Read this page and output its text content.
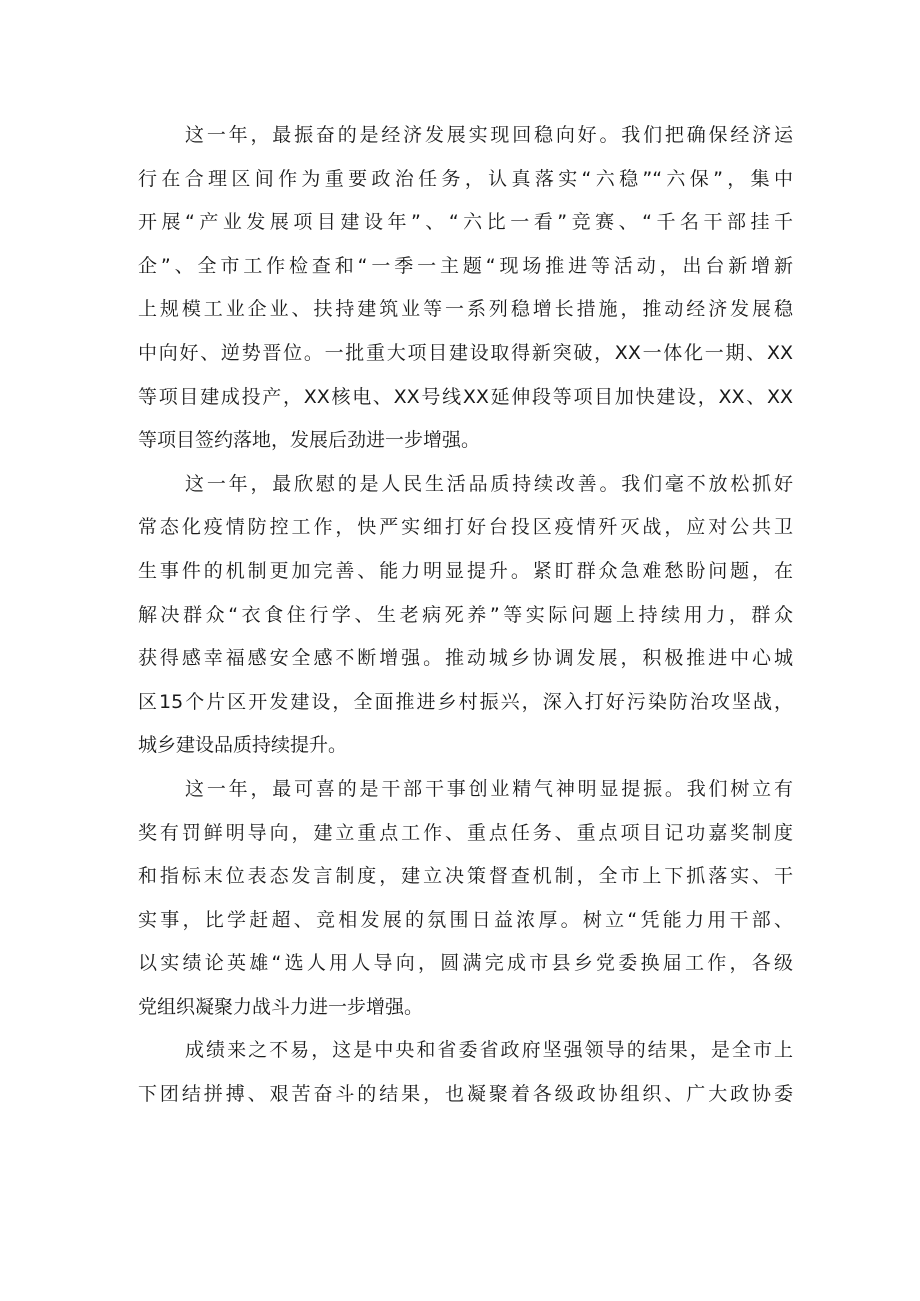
这一年，最振奋的是经济发展实现回稳向好。我们把确保经济运
行在合理区间作为重要政治任务，认真落实“六稳”“六保”，集中
开展“产业发展项目建设年”、“六比一看”竞赛、“千名干部挂千
企”、全市工作检查和“一季一主题“现场推进等活动，出台新增新
上规模工业企业、扶持建筑业等一系列稳增长措施，推动经济发展稳
中向好、逆势晋位。一批重大项目建设取得新突破，XX一体化一期、XX
等项目建成投产，XX核电、XX号线XX延伸段等项目加快建设，XX、XX
等项目签约落地，发展后劲进一步增强。
这一年，最欣慰的是人民生活品质持续改善。我们毫不放松抓好
常态化疫情防控工作，快严实细打好台投区疫情歼灭战，应对公共卫
生事件的机制更加完善、能力明显提升。紧盯群众急难愁盼问题，在
解决群众“衣食住行学、生老病死养”等实际问题上持续用力，群众
获得感幸福感安全感不断增强。推动城乡协调发展，积极推进中心城
区15个片区开发建设，全面推进乡村振兴，深入打好污染防治攻坚战，
城乡建设品质持续提升。
这一年，最可喜的是干部干事创业精气神明显提振。我们树立有
奖有罚鲜明导向，建立重点工作、重点任务、重点项目记功嘉奖制度
和指标末位表态发言制度，建立决策督查机制，全市上下抓落实、干
实事，比学赶超、竞相发展的氛围日益浓厚。树立“凭能力用干部、
以实绩论英雄“选人用人导向，圆满完成市县乡党委换届工作，各级
党组织凝聚力战斗力进一步增强。
成绩来之不易，这是中央和省委省政府坚强领导的结果，是全市上
下团结拼搏、艰苦奋斗的结果，也凝聚着各级政协组织、广大政协委
